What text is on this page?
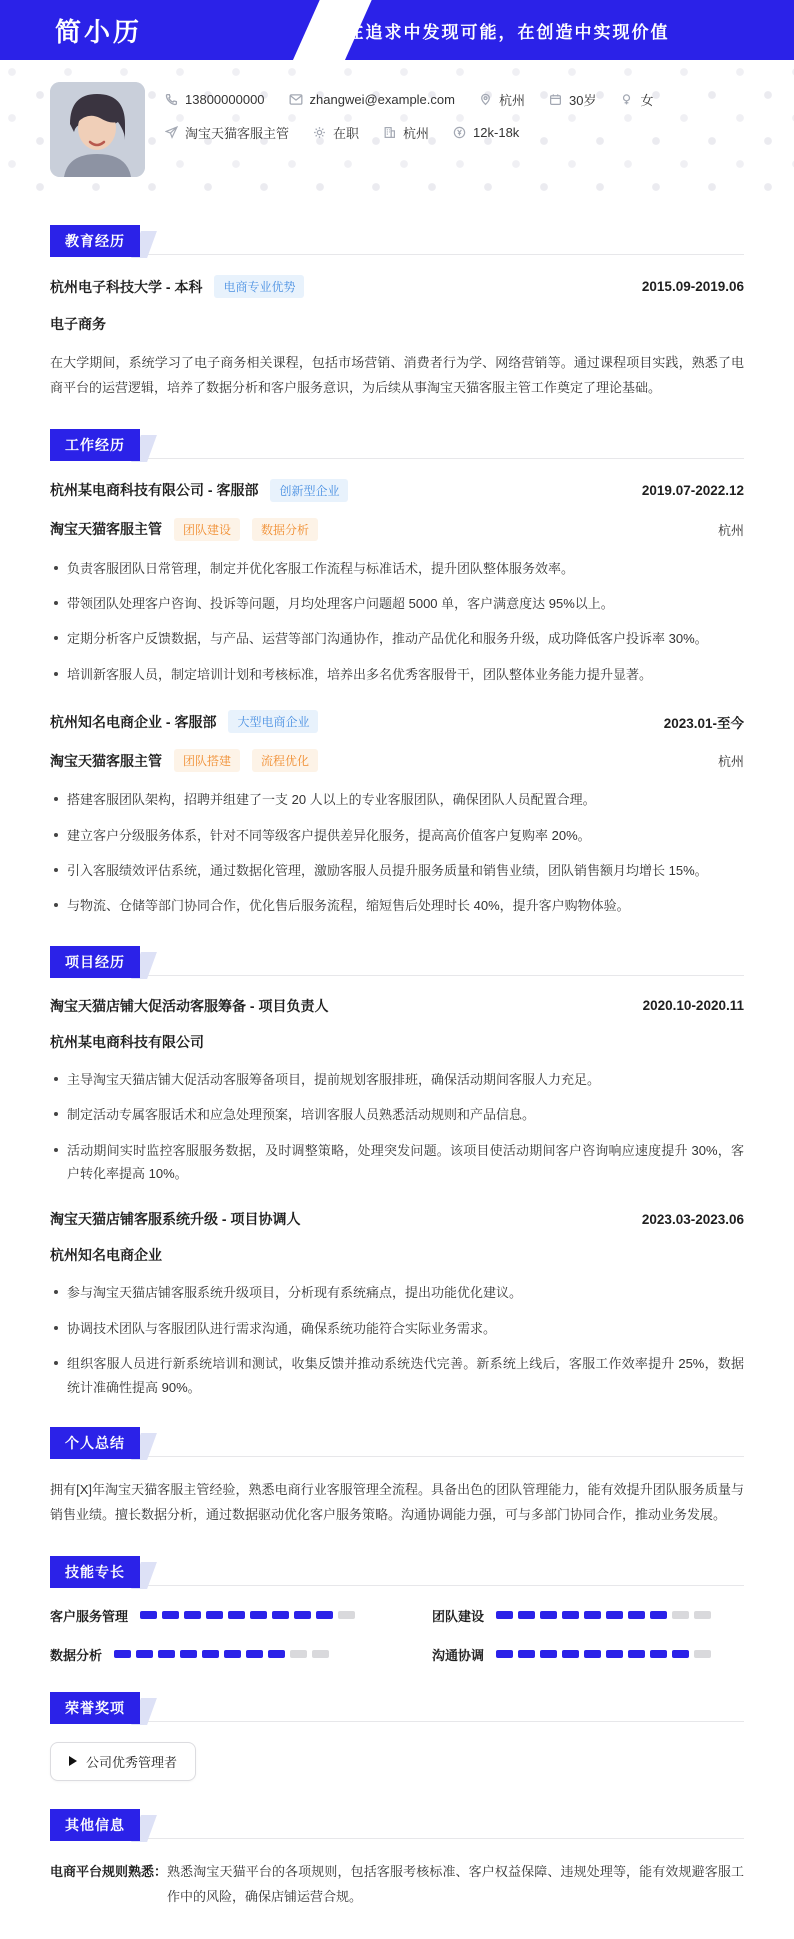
简小历	在追求中发现可能，在创造中实现价值
13800000000	zhangwei@example.com	杭州	30岁	女
淘宝天猫客服主管	在职	杭州	12k-18k
教育经历
杭州电子科技大学 - 本科	电商专业优势	2015.09-2019.06
电子商务

在大学期间，系统学习了电子商务相关课程，包括市场营销、消费者行为学、网络营销等。通过课程项目实践，熟悉了电商平台的运营逻辑，培养了数据分析和客户服务意识，为后续从事淘宝天猫客服主管工作奠定了理论基础。

工作经历
杭州某电商科技有限公司 - 客服部	创新型企业	2019.07-2022.12
淘宝天猫客服主管	团队建设	数据分析	杭州
负责客服团队日常管理，制定并优化客服工作流程与标准话术，提升团队整体服务效率。
带领团队处理客户咨询、投诉等问题，月均处理客户问题超 5000 单，客户满意度达 95%以上。
定期分析客户反馈数据，与产品、运营等部门沟通协作，推动产品优化和服务升级，成功降低客户投诉率 30%。
培训新客服人员，制定培训计划和考核标准，培养出多名优秀客服骨干，团队整体业务能力提升显著。
杭州知名电商企业 - 客服部	大型电商企业	2023.01-至今
淘宝天猫客服主管	团队搭建	流程优化	杭州
搭建客服团队架构，招聘并组建了一支 20 人以上的专业客服团队，确保团队人员配置合理。
建立客户分级服务体系，针对不同等级客户提供差异化服务，提高高价值客户复购率 20%。
引入客服绩效评估系统，通过数据化管理，激励客服人员提升服务质量和销售业绩，团队销售额月均增长 15%。
与物流、仓储等部门协同合作，优化售后服务流程，缩短售后处理时长 40%，提升客户购物体验。
项目经历
淘宝天猫店铺大促活动客服筹备 - 项目负责人	2020.10-2020.11
杭州某电商科技有限公司
主导淘宝天猫店铺大促活动客服筹备项目，提前规划客服排班，确保活动期间客服人力充足。
制定活动专属客服话术和应急处理预案，培训客服人员熟悉活动规则和产品信息。
活动期间实时监控客服服务数据，及时调整策略，处理突发问题。该项目使活动期间客户咨询响应速度提升 30%，客户转化率提高 10%。
淘宝天猫店铺客服系统升级 - 项目协调人	2023.03-2023.06
杭州知名电商企业
参与淘宝天猫店铺客服系统升级项目，分析现有系统痛点，提出功能优化建议。
协调技术团队与客服团队进行需求沟通，确保系统功能符合实际业务需求。
组织客服人员进行新系统培训和测试，收集反馈并推动系统迭代完善。新系统上线后，客服工作效率提升 25%，数据统计准确性提高 90%。
个人总结

拥有[X]年淘宝天猫客服主管经验，熟悉电商行业客服管理全流程。具备出色的团队管理能力，能有效提升团队服务质量与销售业绩。擅长数据分析，通过数据驱动优化客户服务策略。沟通协调能力强，可与多部门协同合作，推动业务发展。

技能专长
客户服务管理	团队建设
数据分析	沟通协调
荣誉奖项
公司优秀管理者
其他信息
电商平台规则熟悉： 熟悉淘宝天猫平台的各项规则，包括客服考核标准、客户权益保障、违规处理等，能有效规避客服工作中的风险，确保店铺运营合规。
